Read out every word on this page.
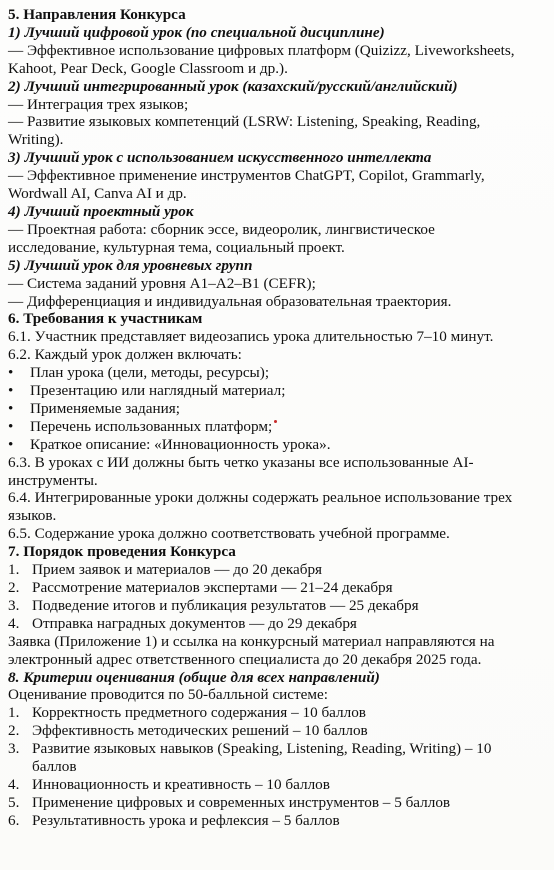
5. Направления Конкурса
1) Лучший цифровой урок (по специальной дисциплине)
— Эффективное использование цифровых платформ (Quizizz, Liveworksheets,
Kahoot, Pear Deck, Google Classroom и др.).
2) Лучший интегрированный урок (казахский/русский/английский)
— Интеграция трех языков;
— Развитие языковых компетенций (LSRW: Listening, Speaking, Reading,
Writing).
3) Лучший урок с использованием искусственного интеллекта
— Эффективное применение инструментов ChatGPT, Copilot, Grammarly,
Wordwall AI, Canva AI и др.
4) Лучший проектный урок
— Проектная работа: сборник эссе, видеоролик, лингвистическое
исследование, культурная тема, социальный проект.
5) Лучший урок для уровневых групп
— Система заданий уровня А1–А2–В1 (CEFR);
— Дифференциация и индивидуальная образовательная траектория.
6. Требования к участникам
6.1. Участник представляет видеозапись урока длительностью 7–10 минут.
6.2. Каждый урок должен включать:
•	План урока (цели, методы, ресурсы);
•	Презентацию или наглядный материал;
•	Применяемые задания;
•	Перечень использованных платформ;
•	Краткое описание: «Инновационность урока».
6.3. В уроках с ИИ должны быть четко указаны все использованные AI-
инструменты.
6.4. Интегрированные уроки должны содержать реальное использование трех
языков.
6.5. Содержание урока должно соответствовать учебной программе.
7. Порядок проведения Конкурса
1. Прием заявок и материалов — до 20 декабря
2. Рассмотрение материалов экспертами — 21–24 декабря
3. Подведение итогов и публикация результатов — 25 декабря
4. Отправка наградных документов — до 29 декабря
Заявка (Приложение 1) и ссылка на конкурсный материал направляются на
электронный адрес ответственного специалиста до 20 декабря 2025 года.
8. Критерии оценивания (общие для всех направлений)
Оценивание проводится по 50-балльной системе:
1. Корректность предметного содержания – 10 баллов
2. Эффективность методических решений – 10 баллов
3. Развитие языковых навыков (Speaking, Listening, Reading, Writing) – 10
баллов
4. Инновационность и креативность – 10 баллов
5. Применение цифровых и современных инструментов – 5 баллов
6. Результативность урока и рефлексия – 5 баллов
